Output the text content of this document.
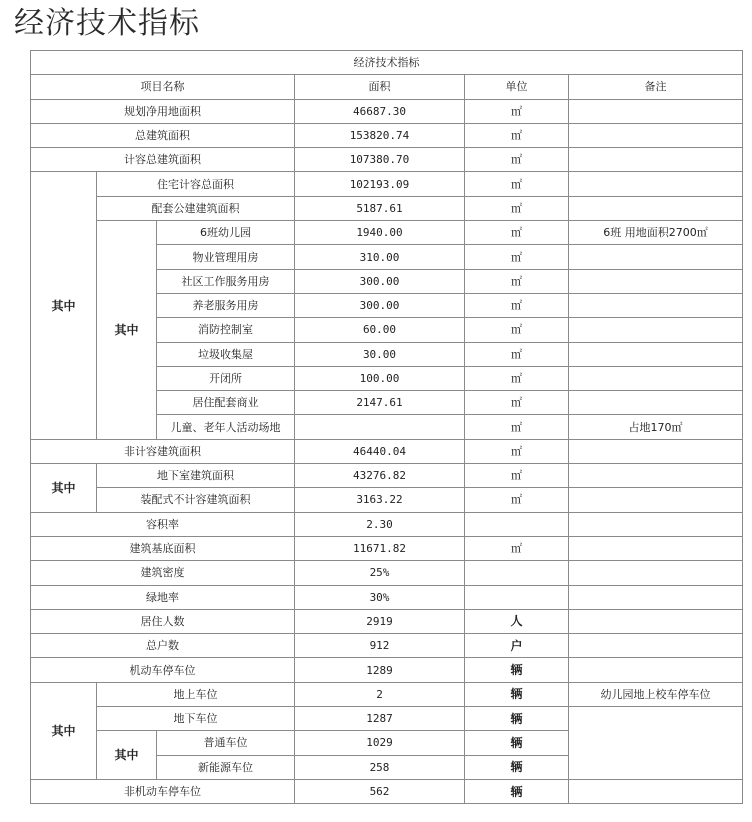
经济技术指标
经济技术指标					
项目名称			面积	单位	备注
规划净用地面积			46687.30	㎡	
总建筑面积			153820.74	㎡	
计容总建筑面积			107380.70	㎡	
其中	住宅计容总面积		102193.09	㎡	
	配套公建建筑面积		5187.61	㎡	
	其中	6班幼儿园	1940.00	㎡	6班 用地面积2700㎡
		物业管理用房	310.00	㎡	
		社区工作服务用房	300.00	㎡	
		养老服务用房	300.00	㎡	
		消防控制室	60.00	㎡	
		垃圾收集屋	30.00	㎡	
		开闭所	100.00	㎡	
		居住配套商业	2147.61	㎡	
		儿童、老年人活动场地		㎡	占地170㎡
非计容建筑面积			46440.04	㎡	
其中	地下室建筑面积		43276.82	㎡	
	装配式不计容建筑面积		3163.22	㎡	
容积率			2.30		
建筑基底面积			11671.82	㎡	
建筑密度			25%		
绿地率			30%		
居住人数			2919	人	
总户数			912	户	
机动车停车位			1289	辆	
其中	地上车位		2	辆	幼儿园地上校车停车位
	地下车位		1287	辆	
	其中	普通车位	1029	辆	
		新能源车位	258	辆	
非机动车停车位			562	辆	
